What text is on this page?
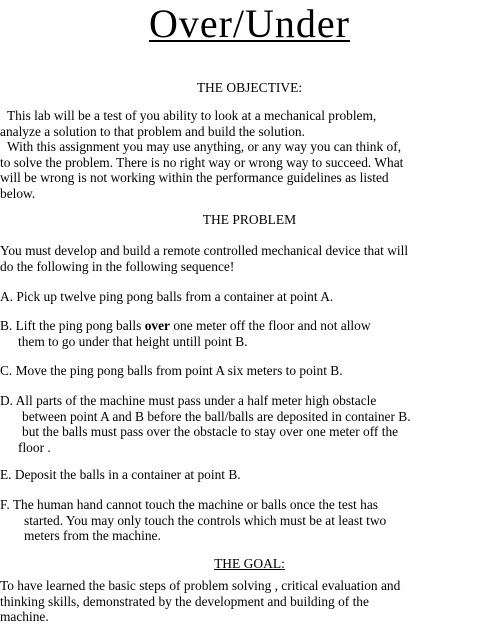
Over/Under
THE OBJECTIVE:
This lab will be a test of you ability to look at a mechanical problem,
analyze a solution to that problem and build the solution.
With this assignment you may use anything, or any way you can think of,
to solve the problem. There is no right way or wrong way to succeed. What
will be wrong is not working within the performance guidelines as listed
below.
THE PROBLEM
You must develop and build a remote controlled mechanical device that will
do the following in the following sequence!
A. Pick up twelve ping pong balls from a container at point A.
B. Lift the ping pong balls over one meter off the floor and not allow
them to go under that height untill point B.
C. Move the ping pong balls from point A six meters to point B.
D. All parts of the machine must pass under a half meter high obstacle
between point A and B before the ball/balls are deposited in container B.
but the balls must pass over the obstacle to stay over one meter off the
floor .
E. Deposit the balls in a container at point B.
F. The human hand cannot touch the machine or balls once the test has
started. You may only touch the controls which must be at least two
meters from the machine.
THE GOAL:
To have learned the basic steps of problem solving , critical evaluation and
thinking skills, demonstrated by the development and building of the
machine.
